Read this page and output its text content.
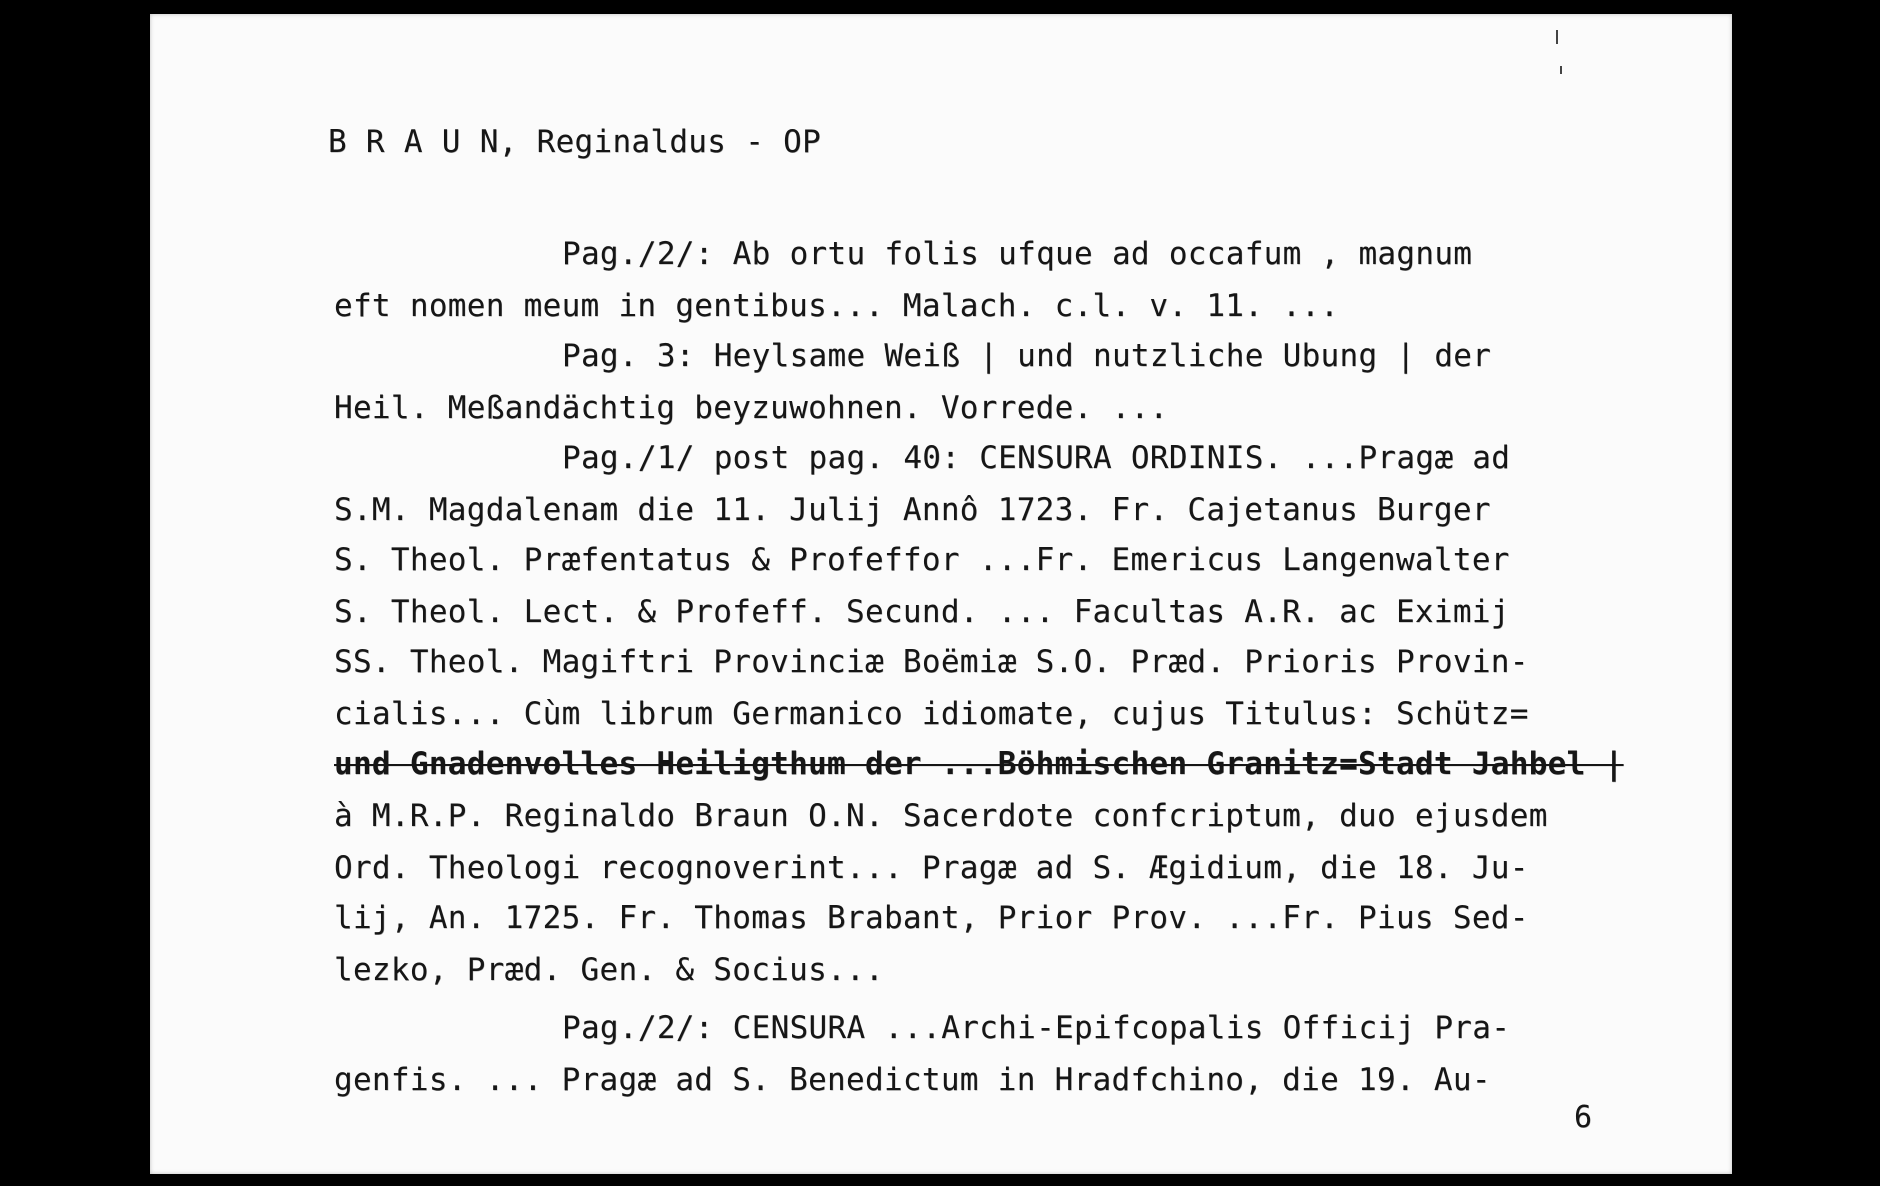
B R A U N, Reginaldus - OP
Pag./2/: Ab ortu folis ufque ad occafum , magnum
eft nomen meum in gentibus... Malach. c.l. v. 11. ...
Pag. 3: Heylsame Weiß | und nutzliche Ubung | der
Heil. Meßandächtig beyzuwohnen. Vorrede. ...
Pag./1/ post pag. 40: CENSURA ORDINIS. ...Pragæ ad
S.M. Magdalenam die 11. Julij Annô 1723. Fr. Cajetanus Burger
S. Theol. Præfentatus & Profeffor ...Fr. Emericus Langenwalter
S. Theol. Lect. & Profeff. Secund. ... Facultas A.R. ac Eximij
SS. Theol. Magiftri Provinciæ Boëmiæ S.O. Præd. Prioris Provin-
cialis... Cùm librum Germanico idiomate, cujus Titulus: Schütz=
und Gnadenvolles Heiligthum der ...Böhmischen Granitz=Stadt Jahbel |
à M.R.P. Reginaldo Braun O.N. Sacerdote confcriptum, duo ejusdem
Ord. Theologi recognoverint... Pragæ ad S. Ægidium, die 18. Ju-
lij, An. 1725. Fr. Thomas Brabant, Prior Prov. ...Fr. Pius Sed-
lezko, Præd. Gen. & Socius...
Pag./2/: CENSURA ...Archi-Epifcopalis Officij Pra-
genfis. ... Pragæ ad S. Benedictum in Hradfchino, die 19. Au-
6
